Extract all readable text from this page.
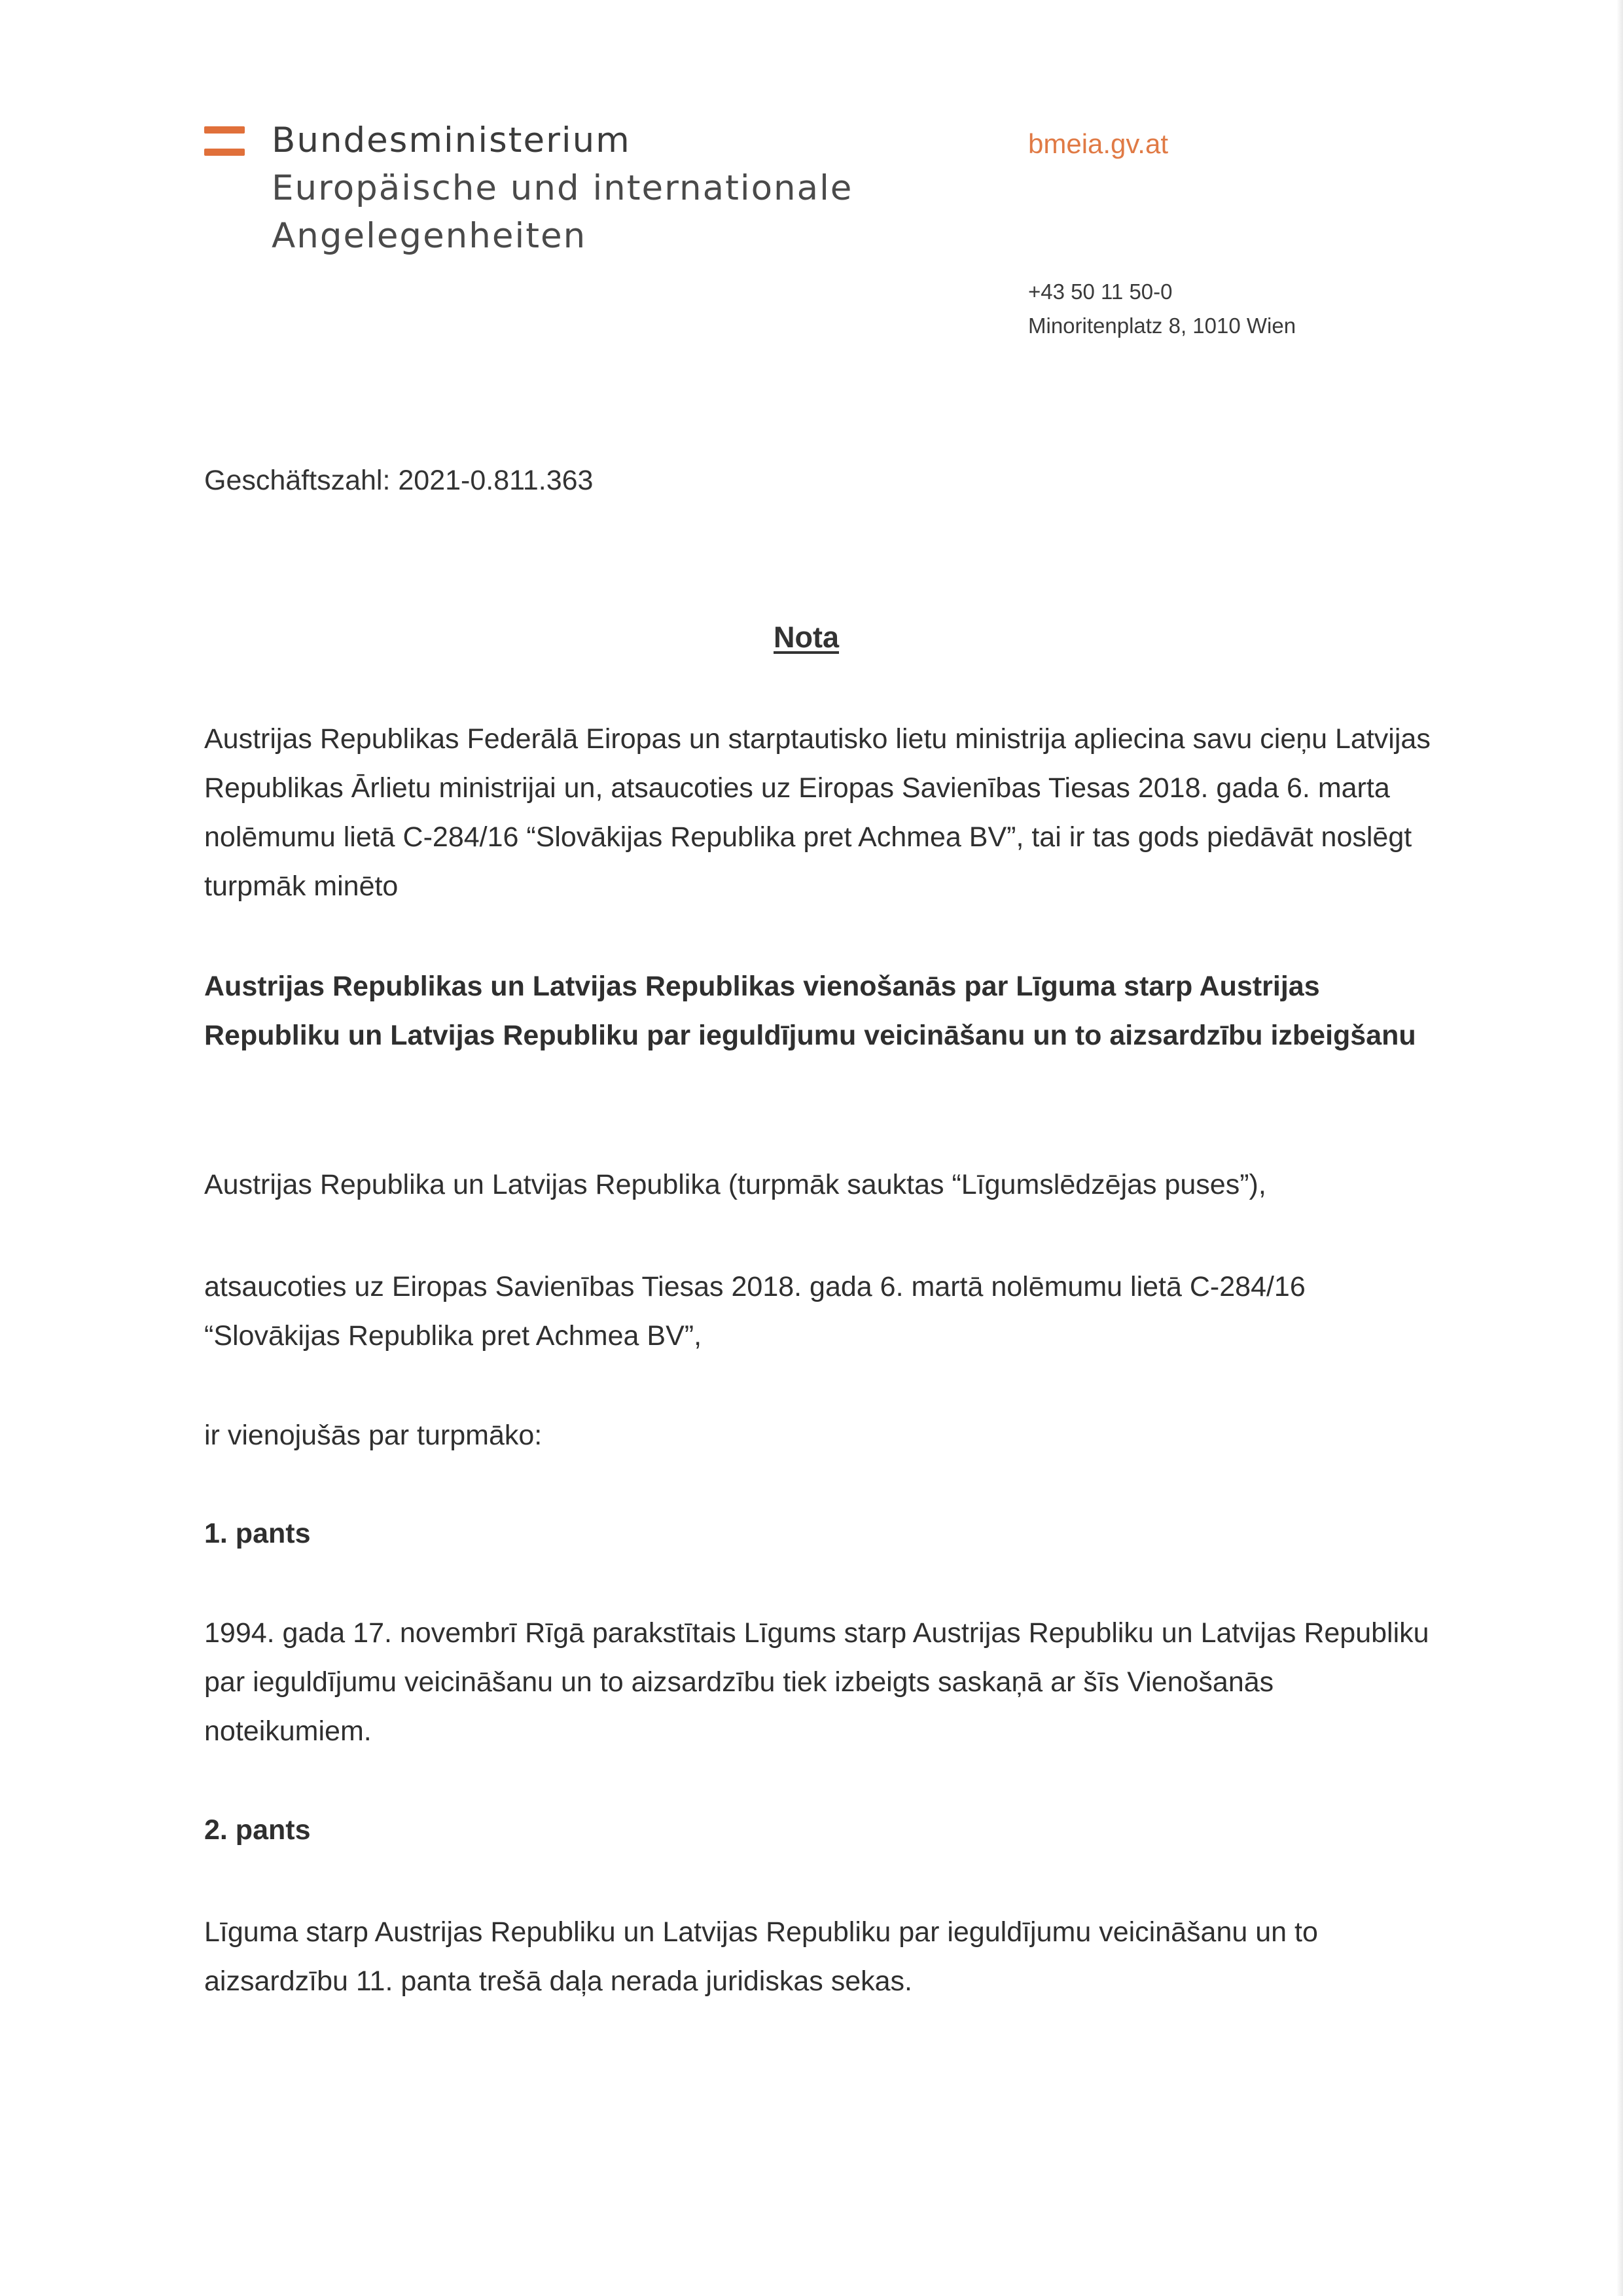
Bundesministerium
Europäische und internationale
Angelegenheiten
bmeia.gv.at
+43 50 11 50-0
Minoritenplatz 8, 1010 Wien
Geschäftszahl: 2021-0.811.363
Nota
Austrijas Republikas Federālā Eiropas un starptautisko lietu ministrija apliecina savu cieņu Latvijas Republikas Ārlietu ministrijai un, atsaucoties uz Eiropas Savienības Tiesas 2018. gada 6. marta nolēmumu lietā C-284/16 “Slovākijas Republika pret Achmea BV”, tai ir tas gods piedāvāt noslēgt turpmāk minēto
Austrijas Republikas un Latvijas Republikas vienošanās par Līguma starp Austrijas Republiku un Latvijas Republiku par ieguldījumu veicināšanu un to aizsardzību izbeigšanu
Austrijas Republika un Latvijas Republika (turpmāk sauktas “Līgumslēdzējas puses”),
atsaucoties uz Eiropas Savienības Tiesas 2018. gada 6. martā nolēmumu lietā C-284/16 “Slovākijas Republika pret Achmea BV”,
ir vienojušās par turpmāko:
1. pants
1994. gada 17. novembrī Rīgā parakstītais Līgums starp Austrijas Republiku un Latvijas Republiku par ieguldījumu veicināšanu un to aizsardzību tiek izbeigts saskaņā ar šīs Vienošanās noteikumiem.
2. pants
Līguma starp Austrijas Republiku un Latvijas Republiku par ieguldījumu veicināšanu un to aizsardzību 11. panta trešā daļa nerada juridiskas sekas.
